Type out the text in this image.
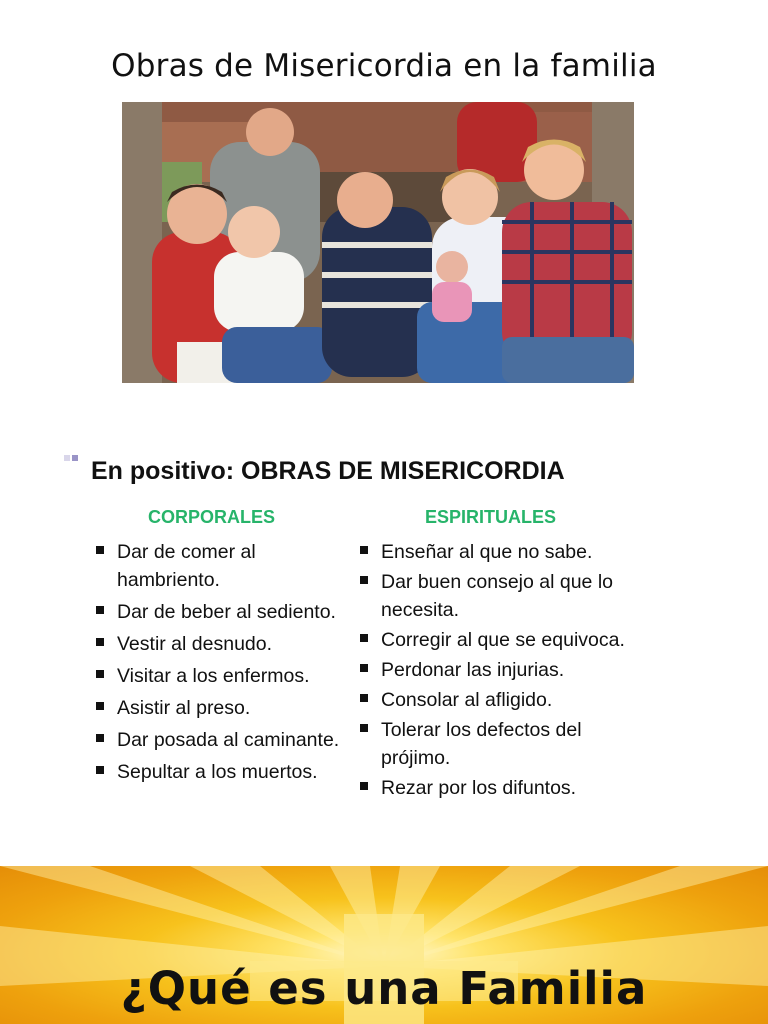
Obras de Misericordia en la familia
En positivo: OBRAS DE MISERICORDIA
CORPORALES	ESPIRITUALES
Dar de comer al hambriento.
Dar de beber al sediento.
Vestir al desnudo.
Visitar a los enfermos.
Asistir al preso.
Dar posada al caminante.
Sepultar a los muertos.
Enseñar al que no sabe.
Dar buen consejo al que lo necesita.
Corregir al que se equivoca.
Perdonar las injurias.
Consolar al afligido.
Tolerar los defectos del prójimo.
Rezar por los difuntos.
¿Qué es una Familia
